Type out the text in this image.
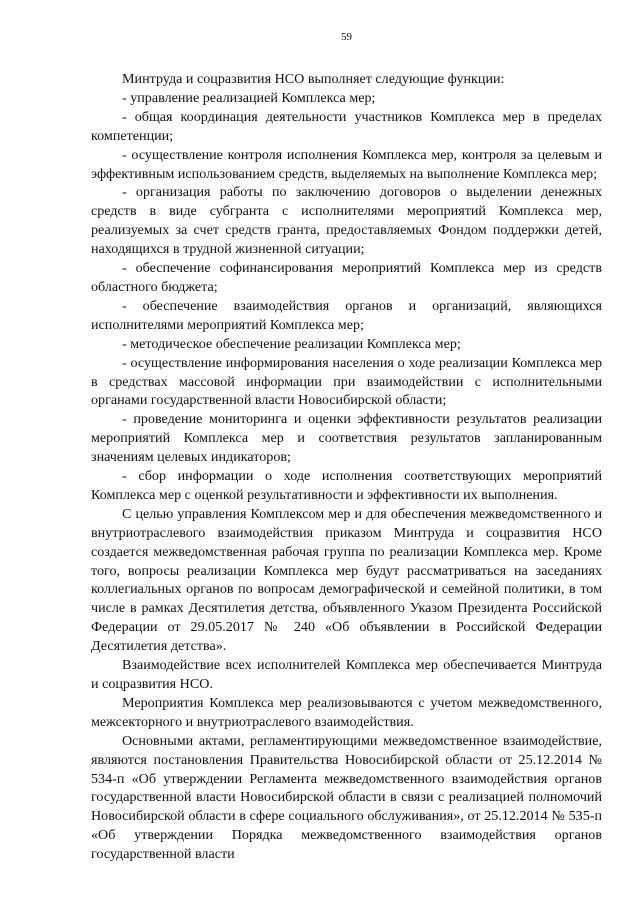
59

Минтруда и соцразвития НСО выполняет следующие функции:

- управление реализацией Комплекса мер;

- общая координация деятельности участников Комплекса мер в пределах компетенции;

- осуществление контроля исполнения Комплекса мер, контроля за целевым и эффективным использованием средств, выделяемых на выполнение Комплекса мер;

- организация работы по заключению договоров о выделении денежных средств в виде субгранта с исполнителями мероприятий Комплекса мер, реализуемых за счет средств гранта, предоставляемых Фондом поддержки детей, находящихся в трудной жизненной ситуации;

- обеспечение софинансирования мероприятий Комплекса мер из средств областного бюджета;

- обеспечение взаимодействия органов и организаций, являющихся исполнителями мероприятий Комплекса мер;

- методическое обеспечение реализации Комплекса мер;

- осуществление информирования населения о ходе реализации Комплекса мер в средствах массовой информации при взаимодействии с исполнительными органами государственной власти Новосибирской области;

- проведение мониторинга и оценки эффективности результатов реализации мероприятий Комплекса мер и соответствия результатов запланированным значениям целевых индикаторов;

- сбор информации о ходе исполнения соответствующих мероприятий Комплекса мер с оценкой результативности и эффективности их выполнения.

С целью управления Комплексом мер и для обеспечения межведомственного и внутриотраслевого взаимодействия приказом Минтруда и соцразвития НСО создается межведомственная рабочая группа по реализации Комплекса мер. Кроме того, вопросы реализации Комплекса мер будут рассматриваться на заседаниях коллегиальных органов по вопросам демографической и семейной политики, в том числе в рамках Десятилетия детства, объявленного Указом Президента Российской Федерации от 29.05.2017 № 240 «Об объявлении в Российской Федерации Десятилетия детства».

Взаимодействие всех исполнителей Комплекса мер обеспечивается Минтруда и соцразвития НСО.

Мероприятия Комплекса мер реализовываются с учетом межведомственного, межсекторного и внутриотраслевого взаимодействия.

Основными актами, регламентирующими межведомственное взаимодействие, являются постановления Правительства Новосибирской области от 25.12.2014 № 534-п «Об утверждении Регламента межведомственного взаимодействия органов государственной власти Новосибирской области в связи с реализацией полномочий Новосибирской области в сфере социального обслуживания», от 25.12.2014 № 535-п «Об утверждении Порядка межведомственного взаимодействия органов государственной власти
